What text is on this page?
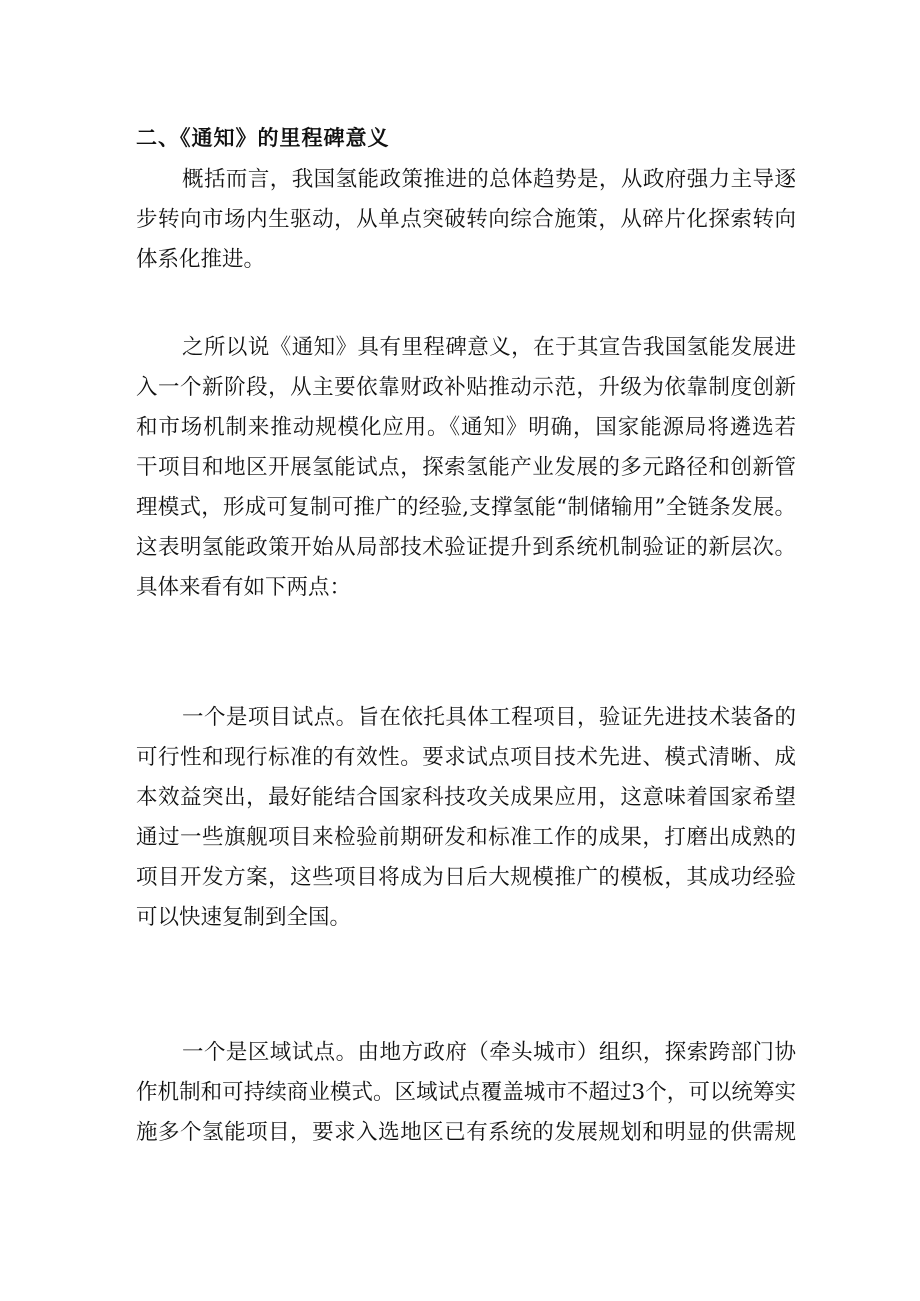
二、《通知》的里程碑意义
概括而言，我国氢能政策推进的总体趋势是，从政府强力主导逐
步转向市场内生驱动，从单点突破转向综合施策，从碎片化探索转向
体系化推进。
之所以说《通知》具有里程碑意义，在于其宣告我国氢能发展进
入一个新阶段，从主要依靠财政补贴推动示范，升级为依靠制度创新
和市场机制来推动规模化应用。《通知》明确，国家能源局将遴选若
干项目和地区开展氢能试点，探索氢能产业发展的多元路径和创新管
理模式，形成可复制可推广的经验,支撑氢能“制储输用”全链条发展。
这表明氢能政策开始从局部技术验证提升到系统机制验证的新层次。
具体来看有如下两点：
一个是项目试点。旨在依托具体工程项目，验证先进技术装备的
可行性和现行标准的有效性。要求试点项目技术先进、模式清晰、成
本效益突出，最好能结合国家科技攻关成果应用，这意味着国家希望
通过一些旗舰项目来检验前期研发和标准工作的成果，打磨出成熟的
项目开发方案，这些项目将成为日后大规模推广的模板，其成功经验
可以快速复制到全国。
一个是区域试点。由地方政府（牵头城市）组织，探索跨部门协
作机制和可持续商业模式。区域试点覆盖城市不超过3个，可以统筹实
施多个氢能项目，要求入选地区已有系统的发展规划和明显的供需规
